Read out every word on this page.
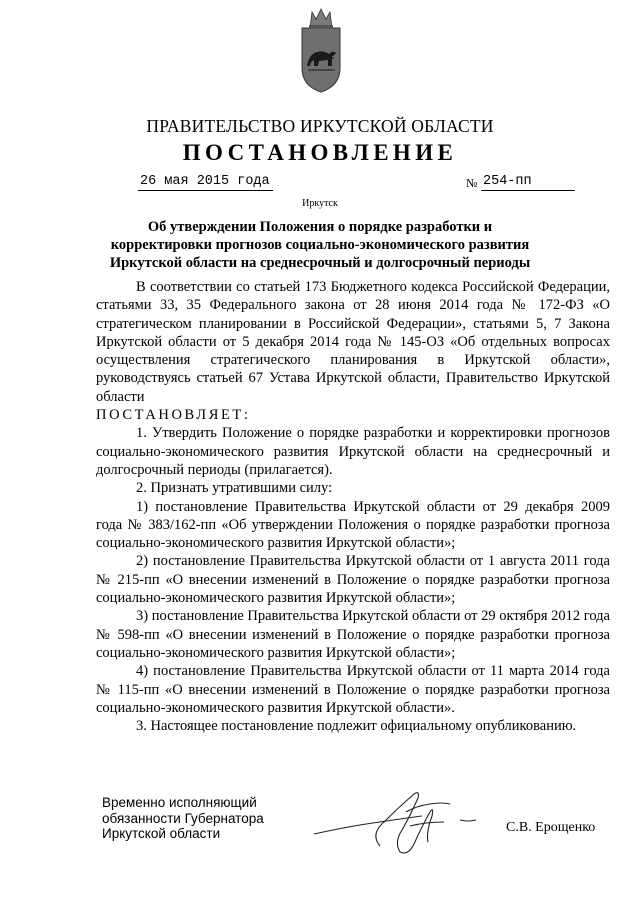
ПРАВИТЕЛЬСТВО ИРКУТСКОЙ ОБЛАСТИ
ПОСТАНОВЛЕНИЕ
26 мая 2015 года	№ 254-пп
Иркутск
Об утверждении Положения о порядке разработки и корректировки прогнозов социально-экономического развития Иркутской области на среднесрочный и долгосрочный периоды

В соответствии со статьей 173 Бюджетного кодекса Российской Федерации, статьями 33, 35 Федерального закона от 28 июня 2014 года № 172-ФЗ «О стратегическом планировании в Российской Федерации», статьями 5, 7 Закона Иркутской области от 5 декабря 2014 года № 145-ОЗ «Об отдельных вопросах осуществления стратегического планирования в Иркутской области», руководствуясь статьей 67 Устава Иркутской области, Правительство Иркутской области

ПОСТАНОВЛЯЕТ:

1. Утвердить Положение о порядке разработки и корректировки прогнозов социально-экономического развития Иркутской области на среднесрочный и долгосрочный периоды (прилагается).

2. Признать утратившими силу:

1) постановление Правительства Иркутской области от 29 декабря 2009 года № 383/162-пп «Об утверждении Положения о порядке разработки прогноза социально-экономического развития Иркутской области»;

2) постановление Правительства Иркутской области от 1 августа 2011 года № 215-пп «О внесении изменений в Положение о порядке разработки прогноза социально-экономического развития Иркутской области»;

3) постановление Правительства Иркутской области от 29 октября 2012 года № 598-пп «О внесении изменений в Положение о порядке разработки прогноза социально-экономического развития Иркутской области»;

4) постановление Правительства Иркутской области от 11 марта 2014 года № 115-пп «О внесении изменений в Положение о порядке разработки прогноза социально-экономического развития Иркутской области».

3. Настоящее постановление подлежит официальному опубликованию.

Временно исполняющий
обязанности Губернатора
Иркутской области	С.В. Ерощенко
